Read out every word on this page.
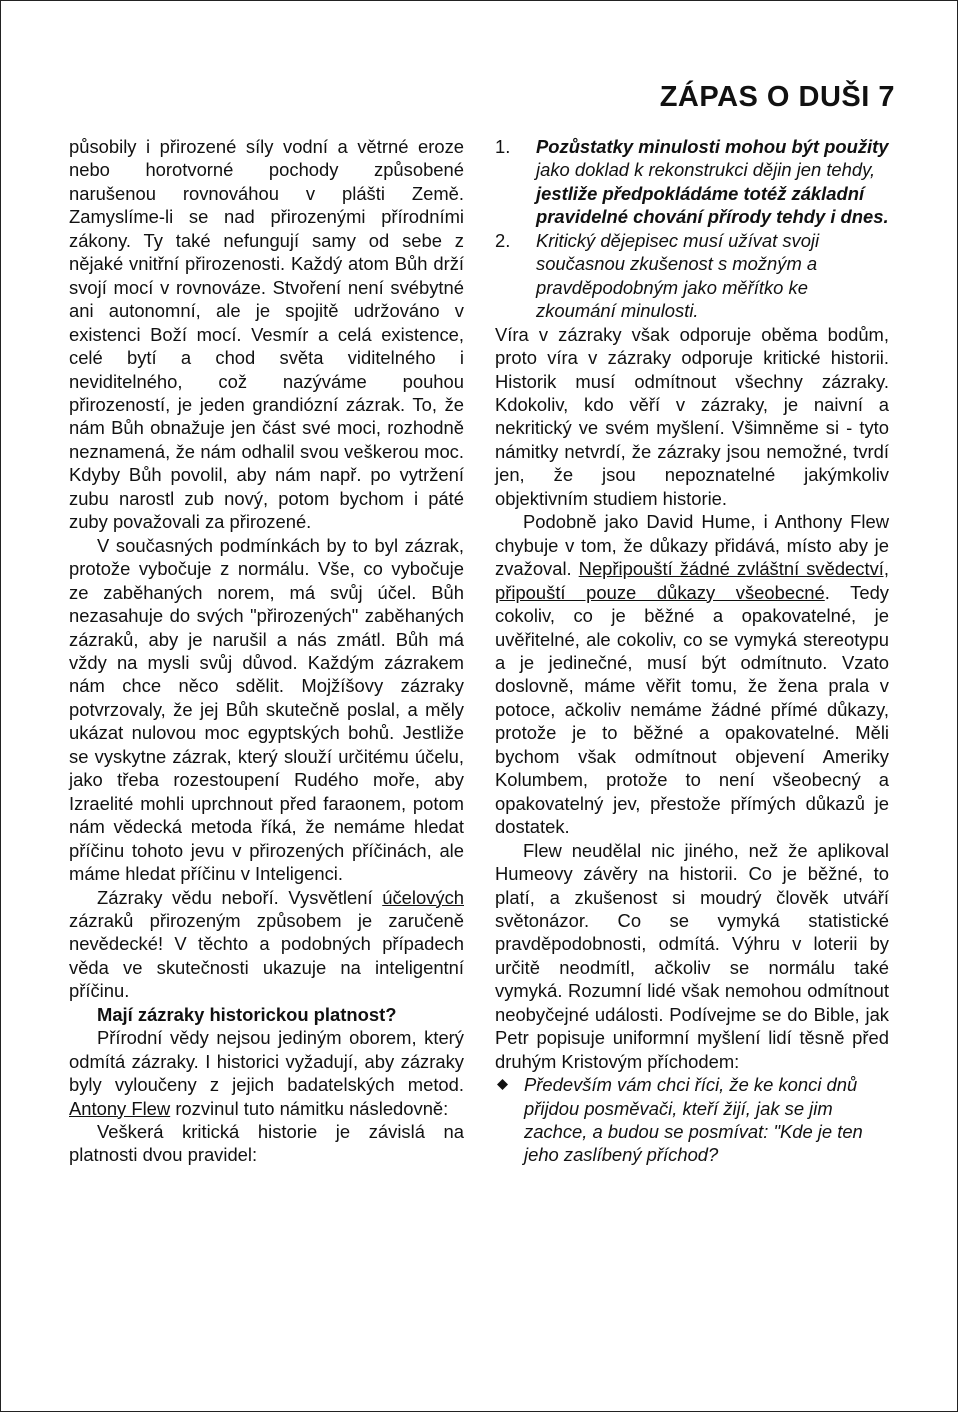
ZÁPAS O DUŠI 7

působily i přirozené síly vodní a větrné eroze nebo horotvorné pochody způsobené narušenou rovnováhou v plášti Země. Zamyslíme-li se nad přirozenými přírodními zákony. Ty také nefungují samy od sebe z nějaké vnitřní přirozenosti. Každý atom Bůh drží svojí mocí v rovnováze. Stvoření není svébytné ani autonomní, ale je spojitě udržováno v existenci Boží mocí. Vesmír a celá existence, celé bytí a chod světa viditelného i neviditelného, což nazýváme pouhou přirozeností, je jeden grandiózní zázrak. To, že nám Bůh obnažuje jen část své moci, rozhodně neznamená, že nám odhalil svou veškerou moc. Kdyby Bůh povolil, aby nám např. po vytržení zubu narostl zub nový, potom bychom i páté zuby považovali za přirozené.

V současných podmínkách by to byl zázrak, protože vybočuje z normálu. Vše, co vybočuje ze zaběhaných norem, má svůj účel. Bůh nezasahuje do svých "přirozených" zaběhaných zázraků, aby je narušil a nás zmátl. Bůh má vždy na mysli svůj důvod. Každým zázrakem nám chce něco sdělit. Mojžíšovy zázraky potvrzovaly, že jej Bůh skutečně poslal, a měly ukázat nulovou moc egyptských bohů. Jestliže se vyskytne zázrak, který slouží určitému účelu, jako třeba rozestoupení Rudého moře, aby Izraelité mohli uprchnout před faraonem, potom nám vědecká metoda říká, že nemáme hledat příčinu tohoto jevu v přirozených příčinách, ale máme hledat příčinu v Inteligenci.

Zázraky vědu neboří. Vysvětlení účelových zázraků přirozeným způsobem je zaručeně nevědecké! V těchto a podobných případech věda ve skutečnosti ukazuje na inteligentní příčinu.

Mají zázraky historickou platnost?

Přírodní vědy nejsou jediným oborem, který odmítá zázraky. I historici vyžadují, aby zázraky byly vyloučeny z jejich badatelských metod. Antony Flew rozvinul tuto námitku následovně:

Veškerá kritická historie je závislá na platnosti dvou pravidel:

1. Pozůstatky minulosti mohou být použity jako doklad k rekonstrukci dějin jen tehdy, jestliže předpokládáme totéž základní pravidelné chování přírody tehdy i dnes.

2. Kritický dějepisec musí užívat svoji současnou zkušenost s možným a pravděpodobným jako měřítko ke zkoumání minulosti.

Víra v zázraky však odporuje oběma bodům, proto víra v zázraky odporuje kritické historii. Historik musí odmítnout všechny zázraky. Kdokoliv, kdo věří v zázraky, je naivní a nekritický ve svém myšlení. Všimněme si - tyto námitky netvrdí, že zázraky jsou nemožné, tvrdí jen, že jsou nepoznatelné jakýmkoliv objektivním studiem historie.

Podobně jako David Hume, i Anthony Flew chybuje v tom, že důkazy přidává, místo aby je zvažoval. Nepřipouští žádné zvláštní svědectví, připouští pouze důkazy všeobecné. Tedy cokoliv, co je běžné a opakovatelné, je uvěřitelné, ale cokoliv, co se vymyká stereotypu a je jedinečné, musí být odmítnuto. Vzato doslovně, máme věřit tomu, že žena prala v potoce, ačkoliv nemáme žádné přímé důkazy, protože je to běžné a opakovatelné. Měli bychom však odmítnout objevení Ameriky Kolumbem, protože to není všeobecný a opakovatelný jev, přestože přímých důkazů je dostatek.

Flew neudělal nic jiného, než že aplikoval Humeovy závěry na historii. Co je běžné, to platí, a zkušenost si moudrý člověk utváří světonázor. Co se vymyká statistické pravděpodobnosti, odmítá. Výhru v loterii by určitě neodmítl, ačkoliv se normálu také vymyká. Rozumní lidé však nemohou odmítnout neobyčejné události. Podívejme se do Bible, jak Petr popisuje uniformní myšlení lidí těsně před druhým Kristovým příchodem:

Především vám chci říci, že ke konci dnů přijdou posměvači, kteří žijí, jak se jim zachce, a budou se posmívat: "Kde je ten jeho zaslíbený příchod?
